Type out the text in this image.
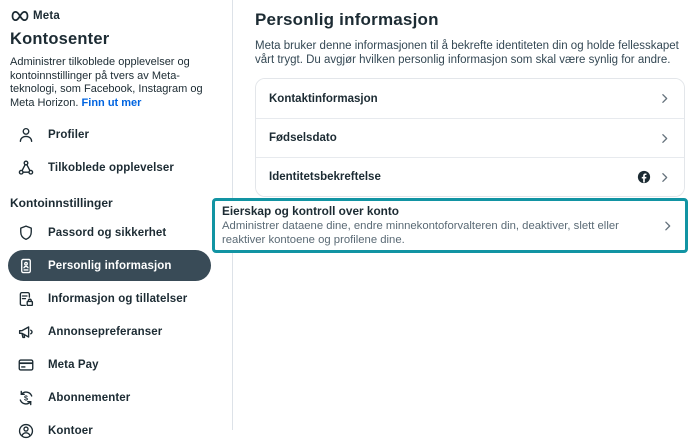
Meta
Kontosenter

Administrer tilkoblede opplevelser og kontoinnstillinger på tvers av Meta-teknologi, som Facebook, Instagram og Meta Horizon. Finn ut mer

Profiler
Tilkoblede opplevelser
Kontoinnstillinger
Passord og sikkerhet
Personlig informasjon
Informasjon og tillatelser
Annonsepreferanser
Meta Pay
$ Abonnementer
Kontoer
Personlig informasjon

Meta bruker denne informasjonen til å bekrefte identiteten din og holde fellesskapet vårt trygt. Du avgjør hvilken personlig informasjon som skal være synlig for andre.

Kontaktinformasjon
Fødselsdato
Identitetsbekreftelse
Eierskap og kontroll over konto
Administrer dataene dine, endre minnekontoforvalteren din, deaktiver, slett eller reaktiver kontoene og profilene dine.
